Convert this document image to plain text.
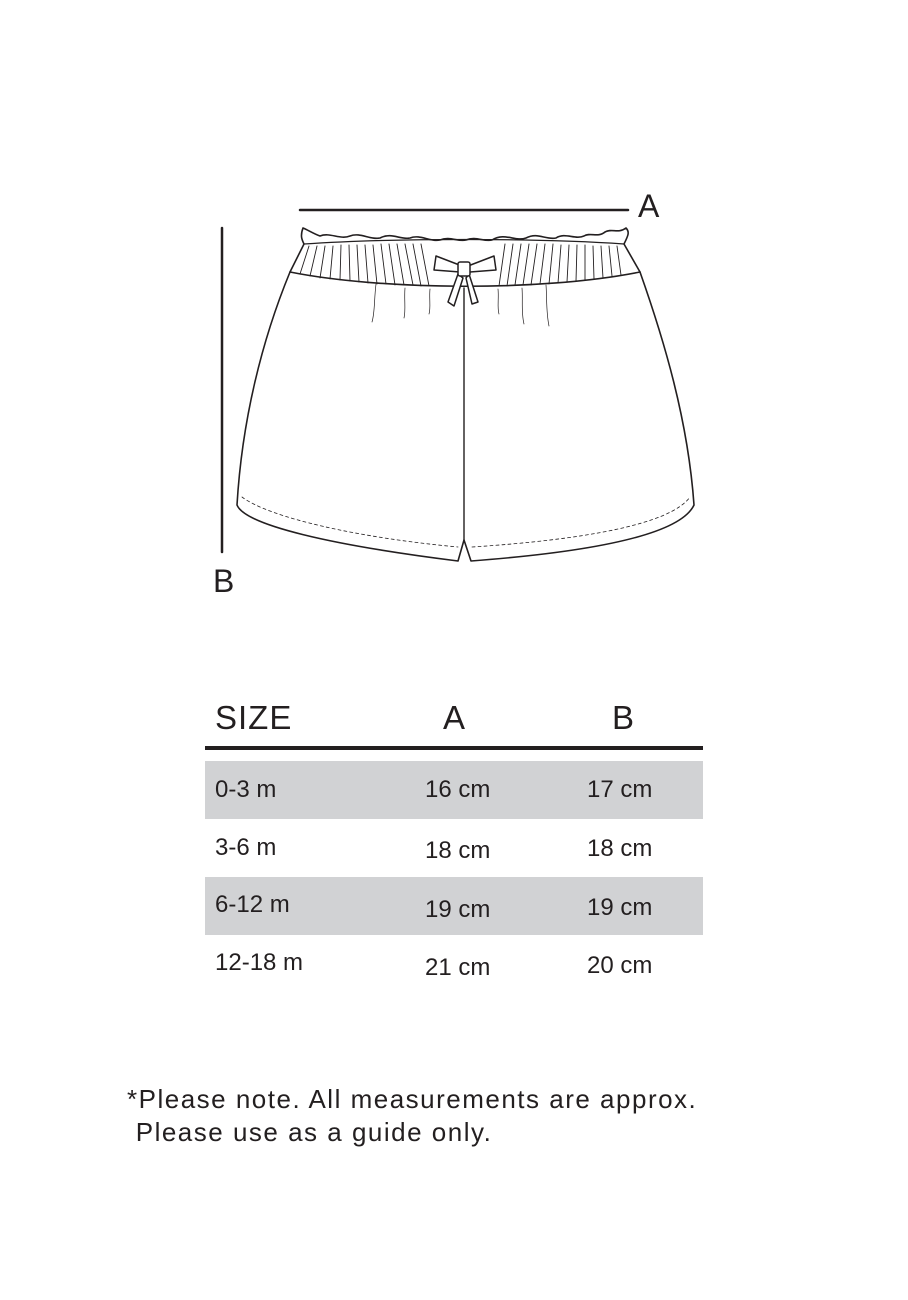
A
B
SIZE	A	B
0-3 m	16 cm	17 cm
3-6 m	18 cm	18 cm
6-12 m	19 cm	19 cm
12-18 m	21 cm	20 cm
*Please note. All measurements are approx.
Please use as a guide only.
